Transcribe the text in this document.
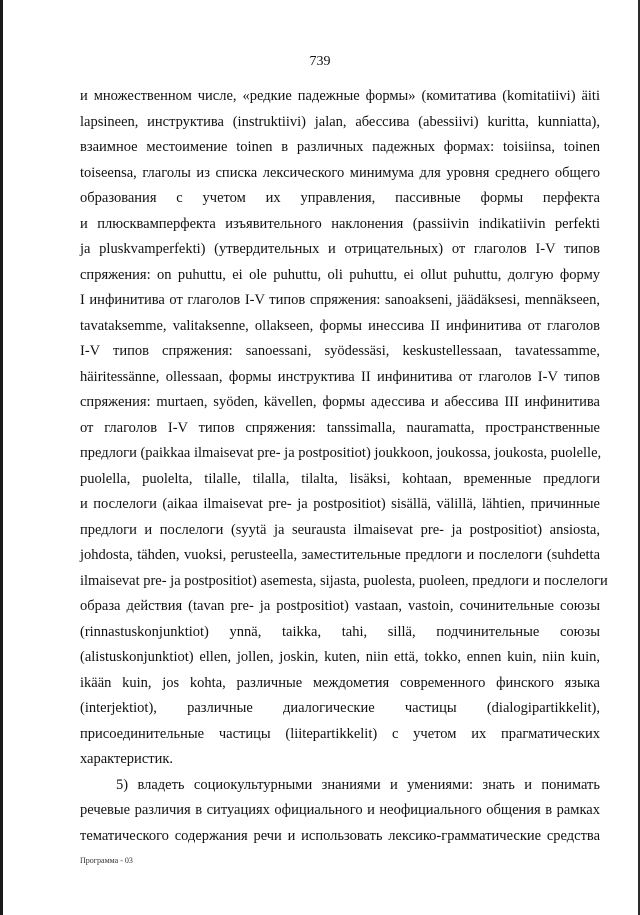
739
и множественном числе, «редкие падежные формы» (комитатива (komitatiivi) äiti
lapsineen, инструктива (instruktiivi) jalan, абессива (abessiivi) kuritta, kunniatta),
взаимное местоимение toinen в различных падежных формах: toisiinsa, toinen
toiseensa, глаголы из списка лексического минимума для уровня среднего общего
образования с учетом их управления, пассивные формы перфекта
и плюсквамперфекта изъявительного наклонения (passiivin indikatiivin perfekti
ja pluskvamperfekti) (утвердительных и отрицательных) от глаголов I-V типов
спряжения: on puhuttu, ei ole puhuttu, oli puhuttu, ei ollut puhuttu, долгую форму
I инфинитива от глаголов I-V типов спряжения: sanoakseni, jäädäksesi, mennäkseen,
tavataksemme, valitaksenne, ollakseen, формы инессива II инфинитива от глаголов
I-V типов спряжения: sanoessani, syödessäsi, keskustellessaan, tavatessamme,
häiritessänne, ollessaan, формы инструктива II инфинитива от глаголов I-V типов
спряжения: murtaen, syöden, kävellen, формы адессива и абессива III инфинитива
от глаголов I-V типов спряжения: tanssimalla, nauramatta, пространственные
предлоги (paikkaa ilmaisevat pre- ja postpositiot) joukkoon, joukossa, joukosta, puolelle,
puolella, puolelta, tilalle, tilalla, tilalta, lisäksi, kohtaan, временные предлоги
и послелоги (aikaa ilmaisevat pre- ja postpositiot) sisällä, välillä, lähtien, причинные
предлоги и послелоги (syytä ja seurausta ilmaisevat pre- ja postpositiot) ansiosta,
johdosta, tähden, vuoksi, perusteella, заместительные предлоги и послелоги (suhdetta
ilmaisevat pre- ja postpositiot) asemesta, sijasta, puolesta, puoleen, предлоги и послелоги
образа действия (tavan pre- ja postpositiot) vastaan, vastoin, сочинительные союзы
(rinnastuskonjunktiot) ynnä, taikka, tahi, sillä, подчинительные союзы
(alistuskonjunktiot) ellen, jollen, joskin, kuten, niin että, tokko, ennen kuin, niin kuin,
ikään kuin, jos kohta, различные междометия современного финского языка
(interjektiot), различные диалогические частицы (dialogipartikkelit),
присоединительные частицы (liitepartikkelit) с учетом их прагматических
характеристик.
5) владеть социокультурными знаниями и умениями: знать и понимать
речевые различия в ситуациях официального и неофициального общения в рамках
тематического содержания речи и использовать лексико-грамматические средства
Программа - 03
